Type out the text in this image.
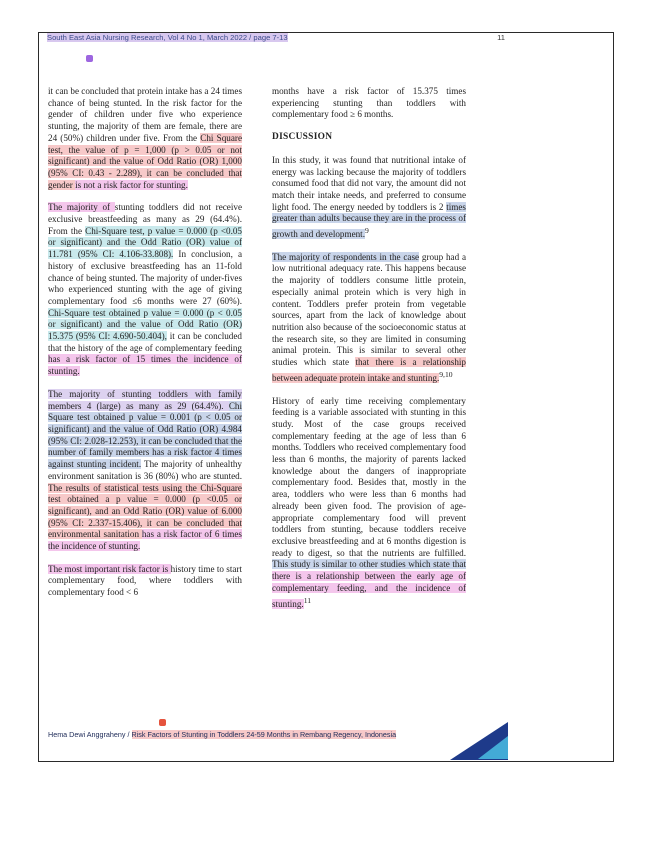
South East Asia Nursing Research, Vol 4 No 1, March 2022 / page 7-13	11

it can be concluded that protein intake has a 24 times chance of being stunted. In the risk factor for the gender of children under five who experience stunting, the majority of them are female, there are 24 (50%) children under five. From the Chi Square test, the value of p = 1,000 (p > 0.05 or not significant) and the value of Odd Ratio (OR) 1,000 (95% CI: 0.43 - 2.289), it can be concluded that gender is not a risk factor for stunting.

The majority of stunting toddlers did not receive exclusive breastfeeding as many as 29 (64.4%). From the Chi-Square test, p value = 0.000 (p <0.05 or significant) and the Odd Ratio (OR) value of 11.781 (95% CI: 4.106-33.808). In conclusion, a history of exclusive breastfeeding has an 11-fold chance of being stunted. The majority of under-fives who experienced stunting with the age of giving complementary food ≤6 months were 27 (60%). Chi-Square test obtained p value = 0.000 (p < 0.05 or significant) and the value of Odd Ratio (OR) 15.375 (95% CI: 4.690-50.404), it can be concluded that the history of the age of complementary feeding has a risk factor of 15 times the incidence of stunting.

The majority of stunting toddlers with family members 4 (large) as many as 29 (64.4%). Chi Square test obtained p value = 0.001 (p < 0.05 or significant) and the value of Odd Ratio (OR) 4.984 (95% CI: 2.028-12.253), it can be concluded that the number of family members has a risk factor 4 times against stunting incident. The majority of unhealthy environment sanitation is 36 (80%) who are stunted. The results of statistical tests using the Chi-Square test obtained a p value = 0.000 (p <0.05 or significant), and an Odd Ratio (OR) value of 6.000 (95% CI: 2.337-15.406), it can be concluded that environmental sanitation has a risk factor of 6 times the incidence of stunting.

The most important risk factor is history time to start complementary food, where toddlers with complementary food < 6

months have a risk factor of 15.375 times experiencing stunting than toddlers with complementary food ≥ 6 months.

DISCUSSION

In this study, it was found that nutritional intake of energy was lacking because the majority of toddlers consumed food that did not vary, the amount did not match their intake needs, and preferred to consume light food. The energy needed by toddlers is 2 times greater than adults because they are in the process of growth and development.$^9$

The majority of respondents in the case group had a low nutritional adequacy rate. This happens because the majority of toddlers consume little protein, especially animal protein which is very high in content. Toddlers prefer protein from vegetable sources, apart from the lack of knowledge about nutrition also because of the socioeconomic status at the research site, so they are limited in consuming animal protein. This is similar to several other studies which state that there is a relationship between adequate protein intake and stunting.$^{9,10}$

History of early time receiving complementary feeding is a variable associated with stunting in this study. Most of the case groups received complementary feeding at the age of less than 6 months. Toddlers who received complementary food less than 6 months, the majority of parents lacked knowledge about the dangers of inappropriate complementary food. Besides that, mostly in the area, toddlers who were less than 6 months had already been given food. The provision of age-appropriate complementary food will prevent toddlers from stunting, because toddlers receive exclusive breastfeeding and at 6 months digestion is ready to digest, so that the nutrients are fulfilled. This study is similar to other studies which state that there is a relationship between the early age of complementary feeding, and the incidence of stunting.$^{11}$

Hema Dewi Anggraheny / Risk Factors of Stunting in Toddlers 24-59 Months in Rembang Regency, Indonesia
